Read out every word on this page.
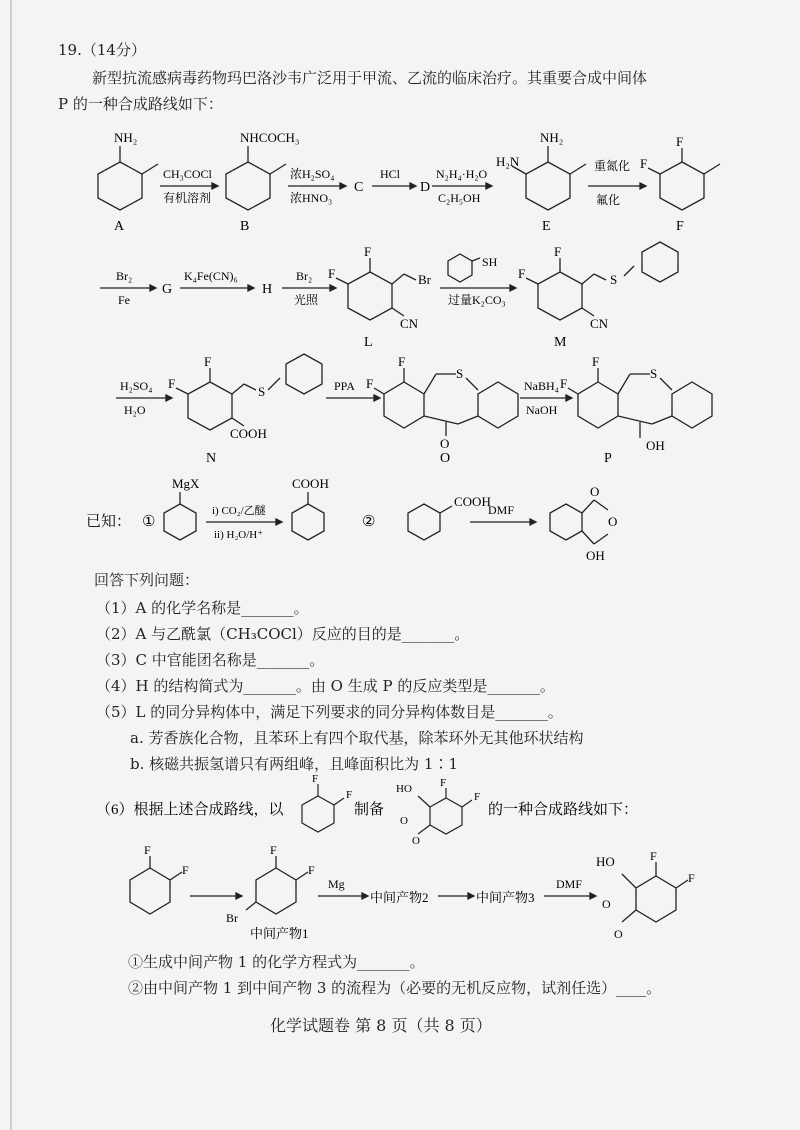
19.（14分）
新型抗流感病毒药物玛巴洛沙韦广泛用于甲流、乙流的临床治疗。其重要合成中间体
P 的一种合成路线如下：
NH₂
A
CH₃COCl
有机溶剂
NHCOCH₃
B
浓H₂SO₄
浓HNO₃
C
HCl
D
N₂H₄·H₂O
C₂H₅OH
NH₂
H₂N
E
重氮化
氟化
F
F
F
Br₂
Fe
G
K₄Fe(CN)₆
H
Br₂
光照
F
F	Br
CN
L
SH
过量K₂CO₃
F
F	S
CN
M
H₂SO₄
H₂O
F
F
S
COOH
N
PPA
F
F
S
O
O
NaBH₄
NaOH
F
F
S
OH
P
已知： ①
MgX
i) CO₂/乙醚
ii) H₂O/H⁺
COOH
②
COOH
DMF
O
O
OH
回答下列问题：
（1）A 的化学名称是_______。
（2）A 与乙酰氯（CH₃COCl）反应的目的是_______。
（3）C 中官能团名称是_______。
（4）H 的结构简式为_______。由 O 生成 P 的反应类型是_______。
（5）L 的同分异构体中，满足下列要求的同分异构体数目是_______。
a. 芳香族化合物，且苯环上有四个取代基，除苯环外无其他环状结构
b. 核磁共振氢谱只有两组峰，且峰面积比为 1∶1
（6）根据上述合成路线，以
F
F
制备
HO	F
F
O
O
的一种合成路线如下：
F
F
F
F
Br
中间产物1
Mg
中间产物2	中间产物3
DMF
HO	F
F
O
O
①生成中间产物 1 的化学方程式为_______。
②由中间产物 1 到中间产物 3 的流程为（必要的无机反应物，试剂任选）____。
化学试题卷 第 8 页（共 8 页）
